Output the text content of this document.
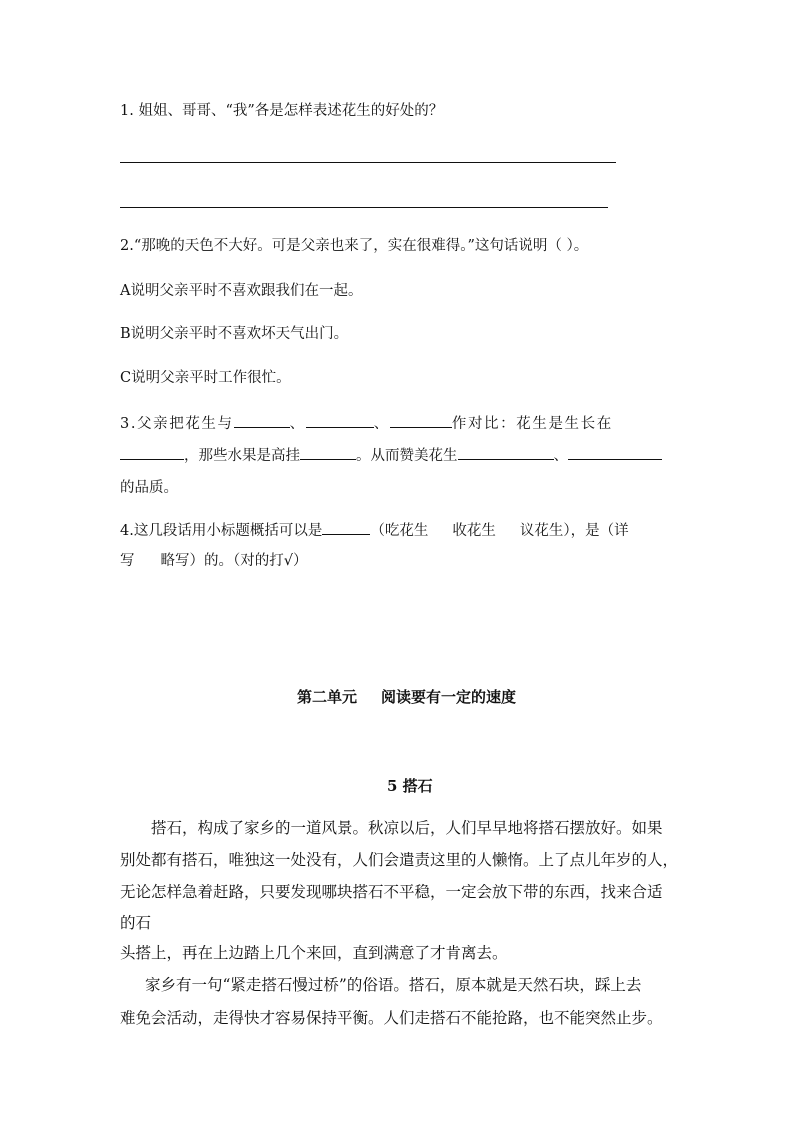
1. 姐姐、哥哥、“我”各是怎样表述花生的好处的？
2.“那晚的天色不大好。可是父亲也来了，实在很难得。”这句话说明（ ）。
A说明父亲平时不喜欢跟我们在一起。
B说明父亲平时不喜欢坏天气出门。
C说明父亲平时工作很忙。
3.父亲把花生与	、	、	作对比：花生是生长在
，那些水果是高挂	。从而赞美花生	、
的品质。
4.这几段话用小标题概括可以是	（吃花生 收花生 议花生），是（详
写 略写）的。（对的打√）
第二单元 阅读要有一定的速度
5 搭石
搭石，构成了家乡的一道风景。秋凉以后，人们早早地将搭石摆放好。如果
别处都有搭石，唯独这一处没有，人们会遣责这里的人懒惰。上了点儿年岁的人，
无论怎样急着赶路，只要发现哪块搭石不平稳，一定会放下带的东西，找来合适
的石
头搭上，再在上边踏上几个来回，直到满意了才肯离去。
家乡有一句“紧走搭石慢过桥”的俗语。搭石，原本就是天然石块，踩上去
难免会活动，走得快才容易保持平衡。人们走搭石不能抢路，也不能突然止步。
